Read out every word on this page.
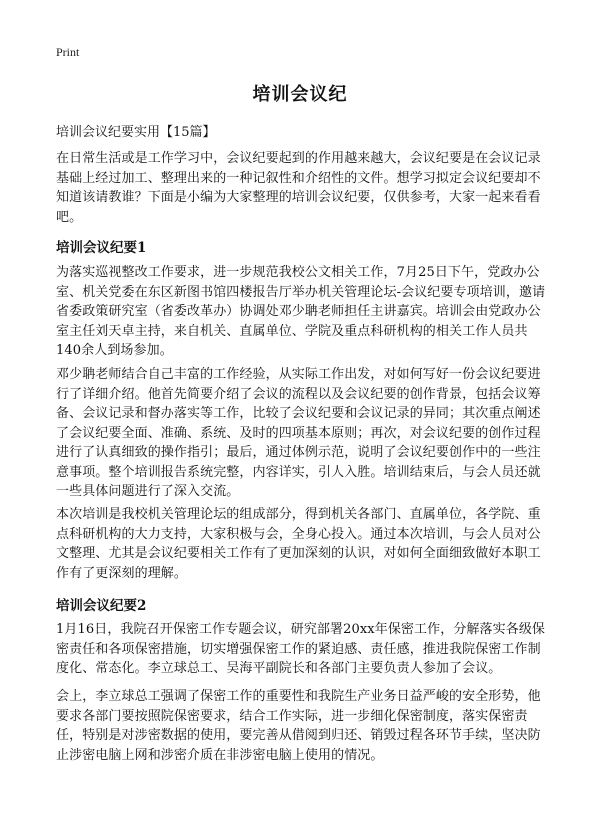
Print
培训会议纪
培训会议纪要实用【15篇】

在日常生活或是工作学习中，会议纪要起到的作用越来越大，会议纪要是在会议记录基础上经过加工、整理出来的一种记叙性和介绍性的文件。想学习拟定会议纪要却不知道该请教谁？下面是小编为大家整理的培训会议纪要，仅供参考，大家一起来看看吧。

培训会议纪要1

为落实巡视整改工作要求，进一步规范我校公文相关工作，7月25日下午，党政办公室、机关党委在东区新图书馆四楼报告厅举办机关管理论坛-会议纪要专项培训，邀请省委政策研究室（省委改革办）协调处邓少聃老师担任主讲嘉宾。培训会由党政办公室主任刘天卓主持，来自机关、直属单位、学院及重点科研机构的相关工作人员共140余人到场参加。

邓少聃老师结合自己丰富的工作经验，从实际工作出发，对如何写好一份会议纪要进行了详细介绍。他首先简要介绍了会议的流程以及会议纪要的创作背景，包括会议筹备、会议记录和督办落实等工作，比较了会议纪要和会议记录的异同；其次重点阐述了会议纪要全面、准确、系统、及时的四项基本原则；再次，对会议纪要的创作过程进行了认真细致的操作指引；最后，通过体例示范，说明了会议纪要创作中的一些注意事项。整个培训报告系统完整，内容详实，引人入胜。培训结束后，与会人员还就一些具体问题进行了深入交流。

本次培训是我校机关管理论坛的组成部分，得到机关各部门、直属单位，各学院、重点科研机构的大力支持，大家积极与会，全身心投入。通过本次培训，与会人员对公文整理、尤其是会议纪要相关工作有了更加深刻的认识，对如何全面细致做好本职工作有了更深刻的理解。

培训会议纪要2

1月16日，我院召开保密工作专题会议，研究部署20xx年保密工作，分解落实各级保密责任和各项保密措施，切实增强保密工作的紧迫感、责任感，推进我院保密工作制度化、常态化。李立球总工、吴海平副院长和各部门主要负责人参加了会议。

会上，李立球总工强调了保密工作的重要性和我院生产业务日益严峻的安全形势，他要求各部门要按照院保密要求，结合工作实际，进一步细化保密制度，落实保密责任，特别是对涉密数据的使用，要完善从借阅到归还、销毁过程各环节手续，坚决防止涉密电脑上网和涉密介质在非涉密电脑上使用的情况。
